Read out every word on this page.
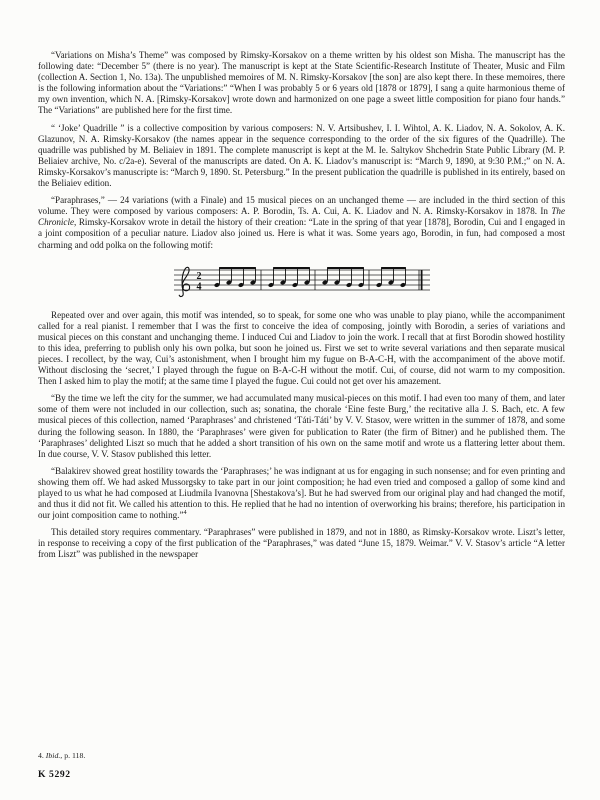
“Variations on Misha’s Theme” was composed by Rimsky-Korsakov on a theme written by his oldest son Misha. The manuscript has the following date: “December 5” (there is no year). The manuscript is kept at the State Scientific-Research Institute of Theater, Music and Film (collection A. Section 1, No. 13a). The unpublished memoires of M. N. Rimsky-Korsakov [the son] are also kept there. In these memoires, there is the following information about the “Variations:” “When I was probably 5 or 6 years old [1878 or 1879], I sang a quite harmonious theme of my own invention, which N. A. [Rimsky-Korsakov] wrote down and harmonized on one page a sweet little composition for piano four hands.” The “Variations” are published here for the first time.

“ ‘Joke’ Quadrille ” is a collective composition by various composers: N. V. Artsibushev, I. I. Wihtol, A. K. Liadov, N. A. Sokolov, A. K. Glazunov, N. A. Rimsky-Korsakov (the names appear in the sequence corresponding to the order of the six figures of the Quadrille). The quadrille was published by M. Beliaiev in 1891. The complete manuscript is kept at the M. Ie. Saltykov Shchedrin State Public Library (M. P. Beliaiev archive, No. c/2a-e). Several of the manuscripts are dated. On A. K. Liadov’s manuscript is: “March 9, 1890, at 9:30 P.M.;” on N. A. Rimsky-Korsakov’s manuscripte is: “March 9, 1890. St. Petersburg.” In the present publication the quadrille is published in its entirely, based on the Beliaiev edition.

“Paraphrases,” — 24 variations (with a Finale) and 15 musical pieces on an unchanged theme — are included in the third section of this volume. They were composed by various composers: A. P. Borodin, Ts. A. Cui, A. K. Liadov and N. A. Rimsky-Korsakov in 1878. In The Chronicle, Rimsky-Korsakov wrote in detail the history of their creation: “Late in the spring of that year [1878], Borodin, Cui and I engaged in a joint composition of a peculiar nature. Liadov also joined us. Here is what it was. Some years ago, Borodin, in fun, had composed a most charming and odd polka on the following motif:

2
4

Repeated over and over again, this motif was intended, so to speak, for some one who was unable to play piano, while the accompaniment called for a real pianist. I remember that I was the first to conceive the idea of composing, jointly with Borodin, a series of variations and musical pieces on this constant and unchanging theme. I induced Cui and Liadov to join the work. I recall that at first Borodin showed hostility to this idea, preferring to publish only his own polka, but soon he joined us. First we set to write several variations and then separate musical pieces. I recollect, by the way, Cui’s astonishment, when I brought him my fugue on B-A-C-H, with the accompaniment of the above motif. Without disclosing the ‘secret,’ I played through the fugue on B-A-C-H without the motif. Cui, of course, did not warm to my composition. Then I asked him to play the motif; at the same time I played the fugue. Cui could not get over his amazement.

“By the time we left the city for the summer, we had accumulated many musical-pieces on this motif. I had even too many of them, and later some of them were not included in our collection, such as; sonatina, the chorale ‘Eine feste Burg,’ the recitative alla J. S. Bach, etc. A few musical pieces of this collection, named ‘Paraphrases’ and christened ‘Táti-Táti’ by V. V. Stasov, were written in the summer of 1878, and some during the following season. In 1880, the ‘Paraphrases’ were given for publication to Rater (the firm of Bitner) and he published them. The ‘Paraphrases’ delighted Liszt so much that he added a short transition of his own on the same motif and wrote us a flattering letter about them. In due course, V. V. Stasov published this letter.

“Balakirev showed great hostility towards the ‘Paraphrases;’ he was indignant at us for engaging in such nonsense; and for even printing and showing them off. We had asked Mussorgsky to take part in our joint composition; he had even tried and composed a gallop of some kind and played to us what he had composed at Liudmila Ivanovna [Shestakova’s]. But he had swerved from our original play and had changed the motif, and thus it did not fit. We called his attention to this. He replied that he had no intention of overworking his brains; therefore, his participation in our joint composition came to nothing.”$^4$

This detailed story requires commentary. “Paraphrases” were published in 1879, and not in 1880, as Rimsky-Korsakov wrote. Liszt’s letter, in response to receiving a copy of the first publication of the “Paraphrases,” was dated “June 15, 1879. Weimar.” V. V. Stasov’s article “A letter from Liszt” was published in the newspaper

4. Ibid., p. 118.
K 5292
